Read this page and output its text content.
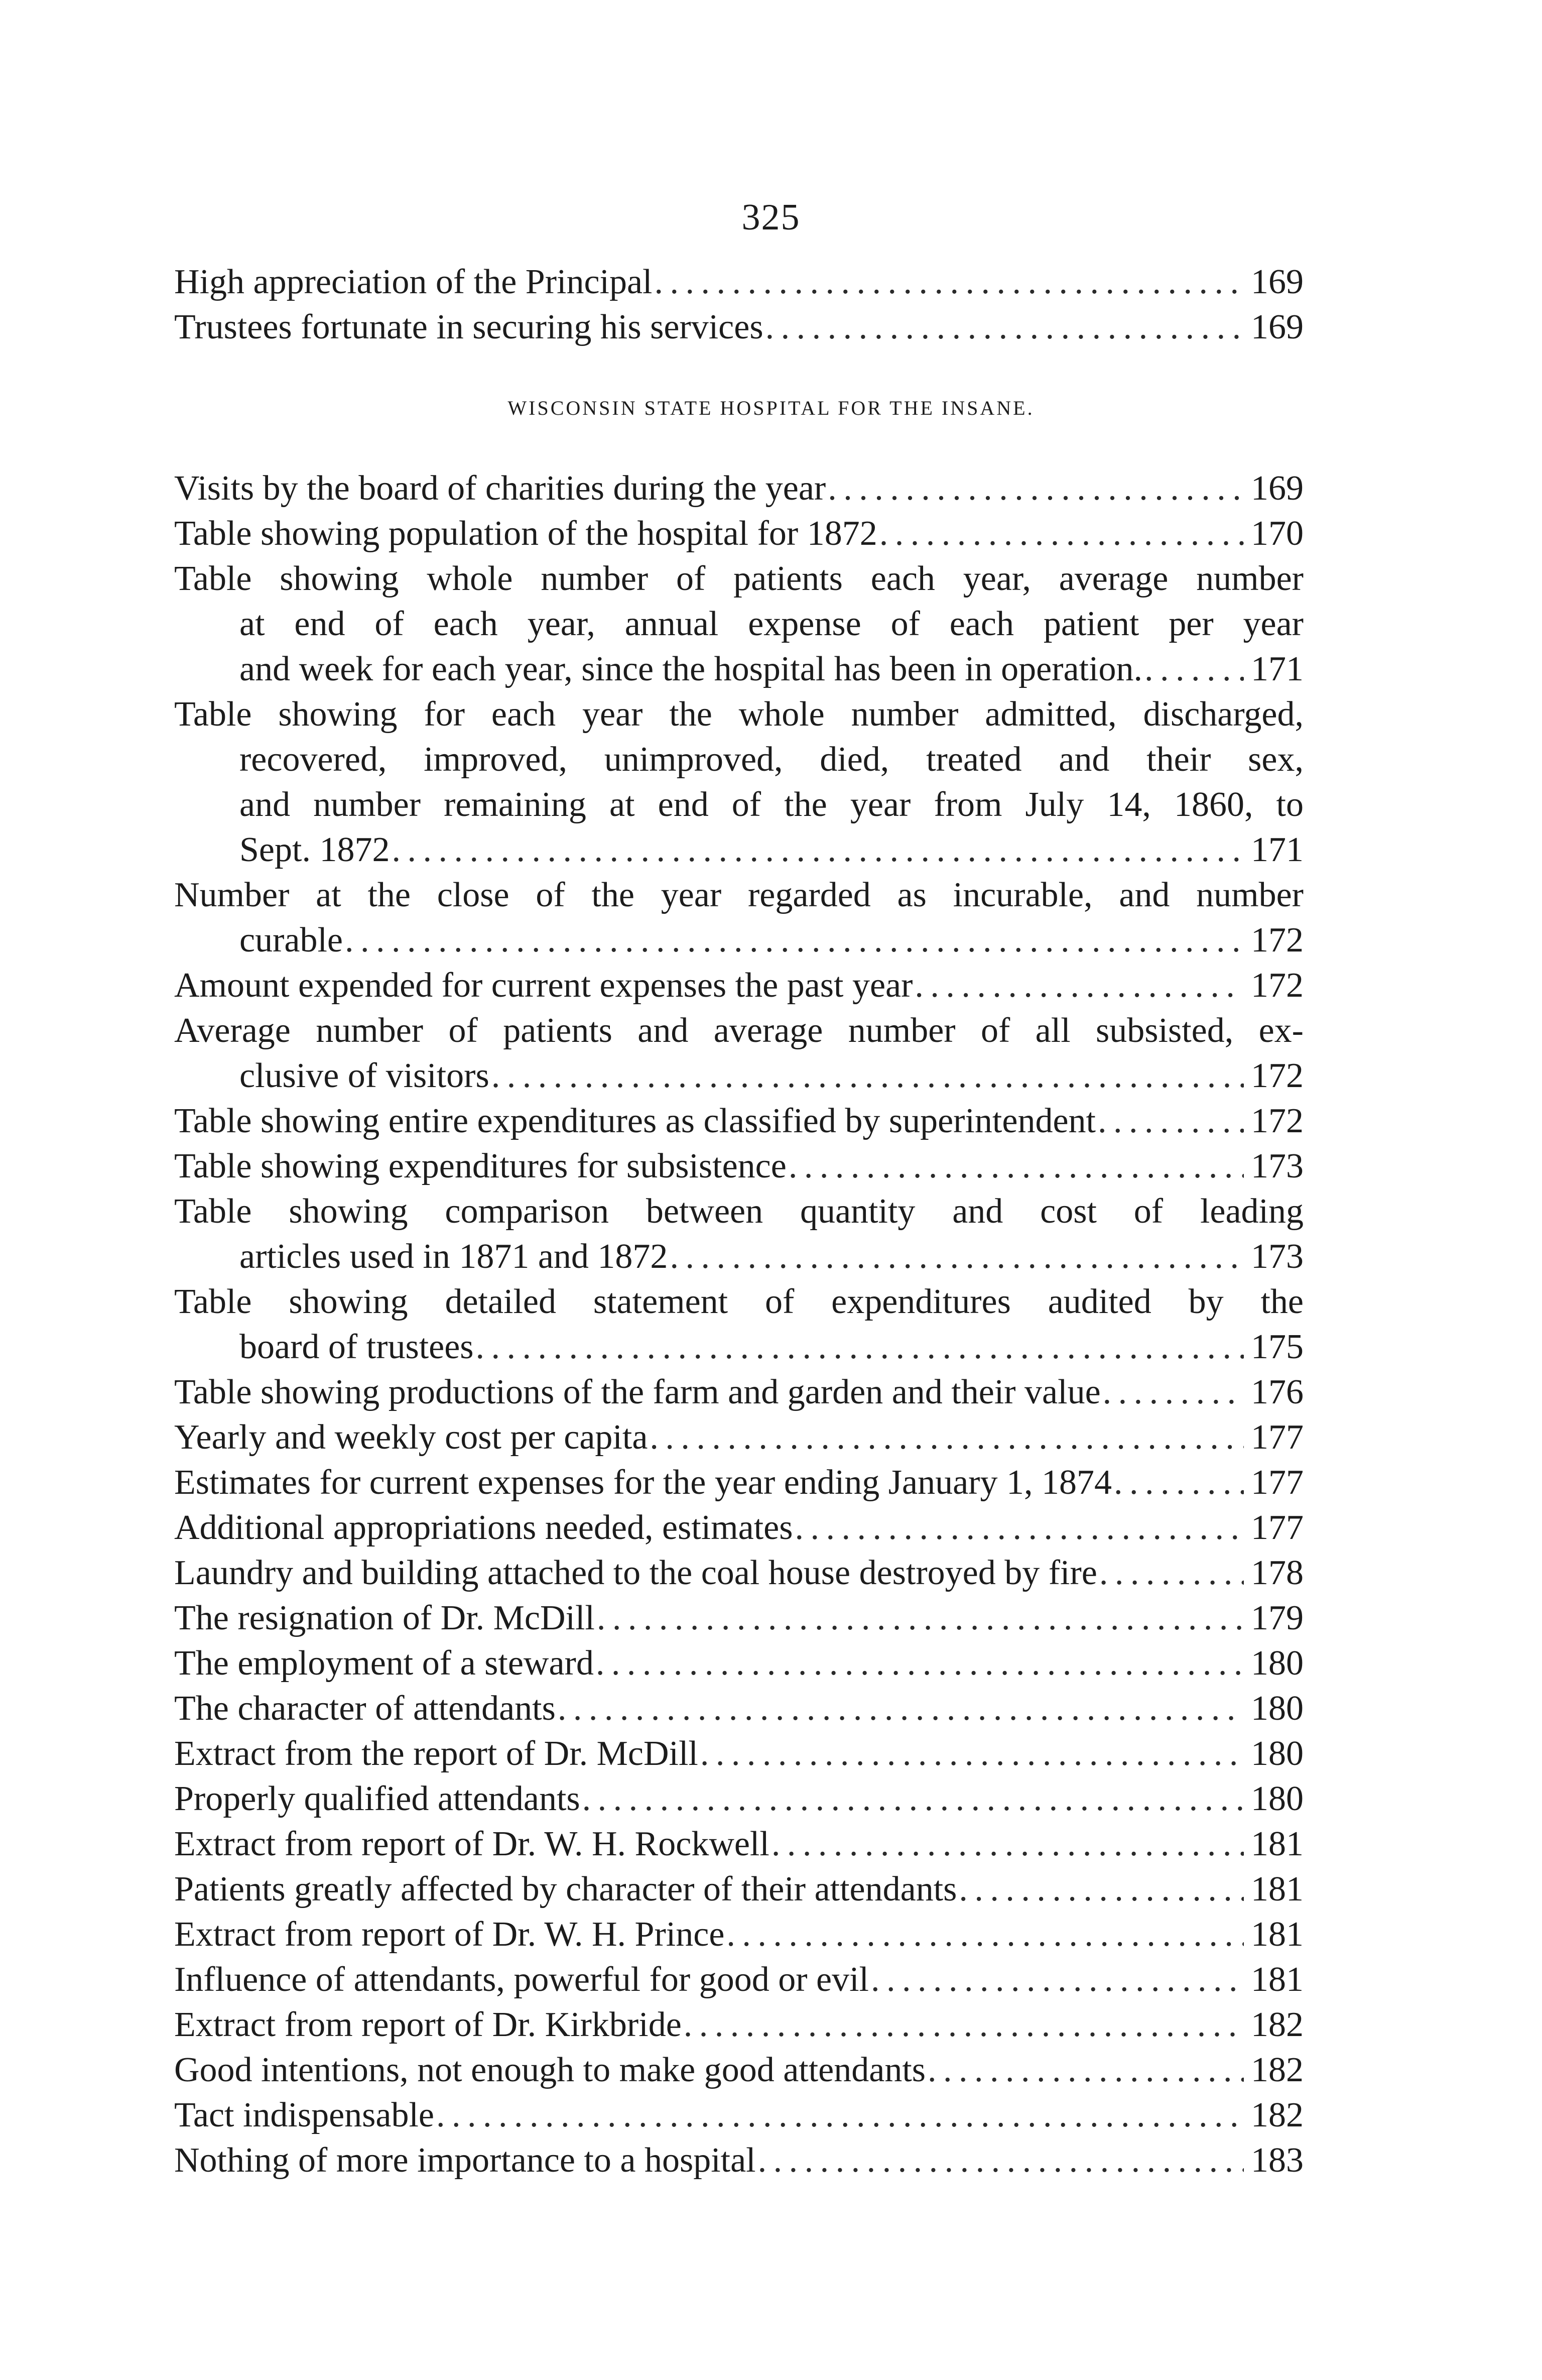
325
High appreciation of the Principal . . .	169
Trustees fortunate in securing his services . . .	169
WISCONSIN STATE HOSPITAL FOR THE INSANE.
Visits by the board of charities during the year . . .	169
Table showing population of the hospital for 1872 . . .	170
Table showing whole number of patients each year, average number
at end of each year, annual expense of each patient per year
and week for each year, since the hospital has been in operation. . . .	171
Table showing for each year the whole number admitted, discharged,
recovered, improved, unimproved, died, treated and their sex,
and number remaining at end of the year from July 14, 1860, to
Sept. 1872 . . .	171
Number at the close of the year regarded as incurable, and number
curable . . .	172
Amount expended for current expenses the past year . . .	172
Average number of patients and average number of all subsisted, ex-
clusive of visitors . . .	172
Table showing entire expenditures as classified by superintendent . . .	172
Table showing expenditures for subsistence . . .	173
Table showing comparison between quantity and cost of leading
articles used in 1871 and 1872 . . .	173
Table showing detailed statement of expenditures audited by the
board of trustees . . .	175
Table showing productions of the farm and garden and their value . . .	176
Yearly and weekly cost per capita . . .	177
Estimates for current expenses for the year ending January 1, 1874 . . .	177
Additional appropriations needed, estimates . . .	177
Laundry and building attached to the coal house destroyed by fire . . .	178
The resignation of Dr. McDill . . .	179
The employment of a steward . . .	180
The character of attendants . . .	180
Extract from the report of Dr. McDill . . .	180
Properly qualified attendants . . .	180
Extract from report of Dr. W. H. Rockwell . . .	181
Patients greatly affected by character of their attendants . . .	181
Extract from report of Dr. W. H. Prince . . .	181
Influence of attendants, powerful for good or evil . . .	181
Extract from report of Dr. Kirkbride . . .	182
Good intentions, not enough to make good attendants . . .	182
Tact indispensable . . .	182
Nothing of more importance to a hospital . . .	183
